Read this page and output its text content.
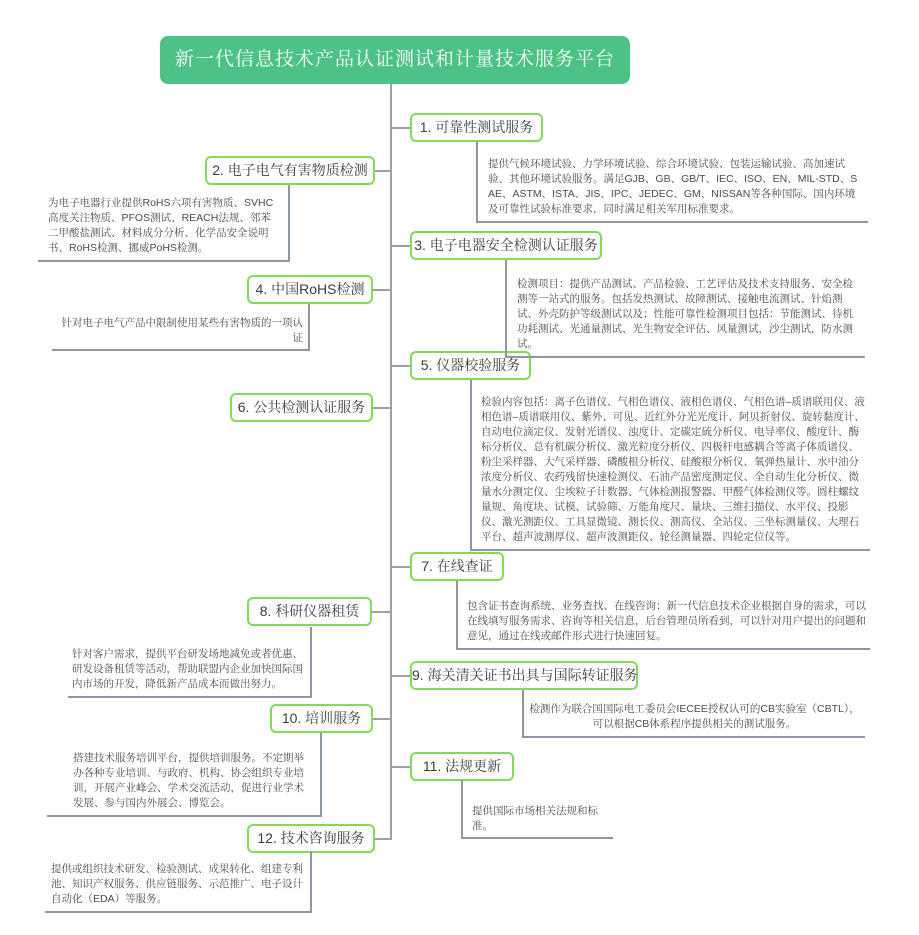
新一代信息技术产品认证测试和计量技术服务平台
1. 可靠性测试服务
2. 电子电气有害物质检测
3. 电子电器安全检测认证服务
4. 中国RoHS检测
5. 仪器校验服务
6. 公共检测认证服务
7. 在线查证
8. 科研仪器租赁
9. 海关清关证书出具与国际转证服务
10. 培训服务
11. 法规更新
12. 技术咨询服务
提供气候环境试验、力学环境试验、综合环境试验、包装运输试验、高加速试验、其他环境试验服务。满足GJB、GB、GB/T、IEC、ISO、EN、MIL-STD、SAE、ASTM、ISTA、JIS、IPC、JEDEC、GM、NISSAN等各种国际、国内环境及可靠性试验标准要求，同时满足相关军用标准要求。
为电子电器行业提供RoHS六项有害物质、SVHC高度关注物质、PFOS测试、REACH法规、邻苯二甲酸盐测试、材料成分分析、化学品安全说明书、RoHS检测、挪威PoHS检测。
检测项目：提供产品测试、产品检验、工艺评估及技术支持服务、安全检测等一站式的服务。包括发热测试、故障测试、接触电流测试、针焰测试、外壳防护等级测试以及；性能可靠性检测项目包括：节能测试、待机功耗测试、光通量测试、光生物安全评估、风量测试，沙尘测试，防水测试。
针对电子电气产品中限制使用某些有害物质的一项认证
检验内容包括：离子色谱仪、气相色谱仪、液相色谱仪、气相色谱–质谱联用仪、液相色谱–质谱联用仪、紫外、可见、近红外分光光度计、阿贝折射仪、旋转黏度计、自动电位滴定仪、发射光谱仪、浊度计、定碳定硫分析仪、电导率仪、酸度计、酶标分析仪、总有机碳分析仪、激光粒度分析仪、四极杆电感耦合等离子体质谱仪、粉尘采样器、大气采样器、磷酸根分析仪、硅酸根分析仪、氧弹热量计、水中油分浓度分析仪、农药残留快速检测仪、石油产品密度测定仪、全自动生化分析仪、微量水分测定仪、尘埃粒子计数器、气体检测报警器、甲醛气体检测仪等。圆柱螺纹量规、角度块、试模、试验筛、万能角度尺、量块、三维扫描仪、水平仪、投影仪、激光测距仪、工具显微镜、测长仪、测高仪、全站仪、三坐标测量仪、大理石平台、超声波测厚仪、超声波测距仪、轮径测量器、四轮定位仪等。
包含证书查询系统、业务查找、在线咨询：新一代信息技术企业根据自身的需求，可以在线填写服务需求、咨询等相关信息，后台管理员所看到，可以针对用户提出的问题和意见，通过在线或邮件形式进行快速回复。
针对客户需求，提供平台研发场地减免或者优惠、研发设备租赁等活动，帮助联盟内企业加快国际国内市场的开发，降低新产品成本而做出努力。
检测作为联合国国际电工委员会IECEE授权认可的CB实验室（CBTL），可以根据CB体系程序提供相关的测试服务。
搭建技术服务培训平台，提供培训服务。不定期举办各种专业培训、与政府、机构、协会组织专业培训，开展产业峰会、学术交流活动，促进行业学术发展、参与国内外展会、博览会。
提供国际市场相关法规和标准。
提供或组织技术研发、检验测试、成果转化、组建专利池、知识产权服务、供应链服务、示范推广、电子设计自动化（EDA）等服务。
